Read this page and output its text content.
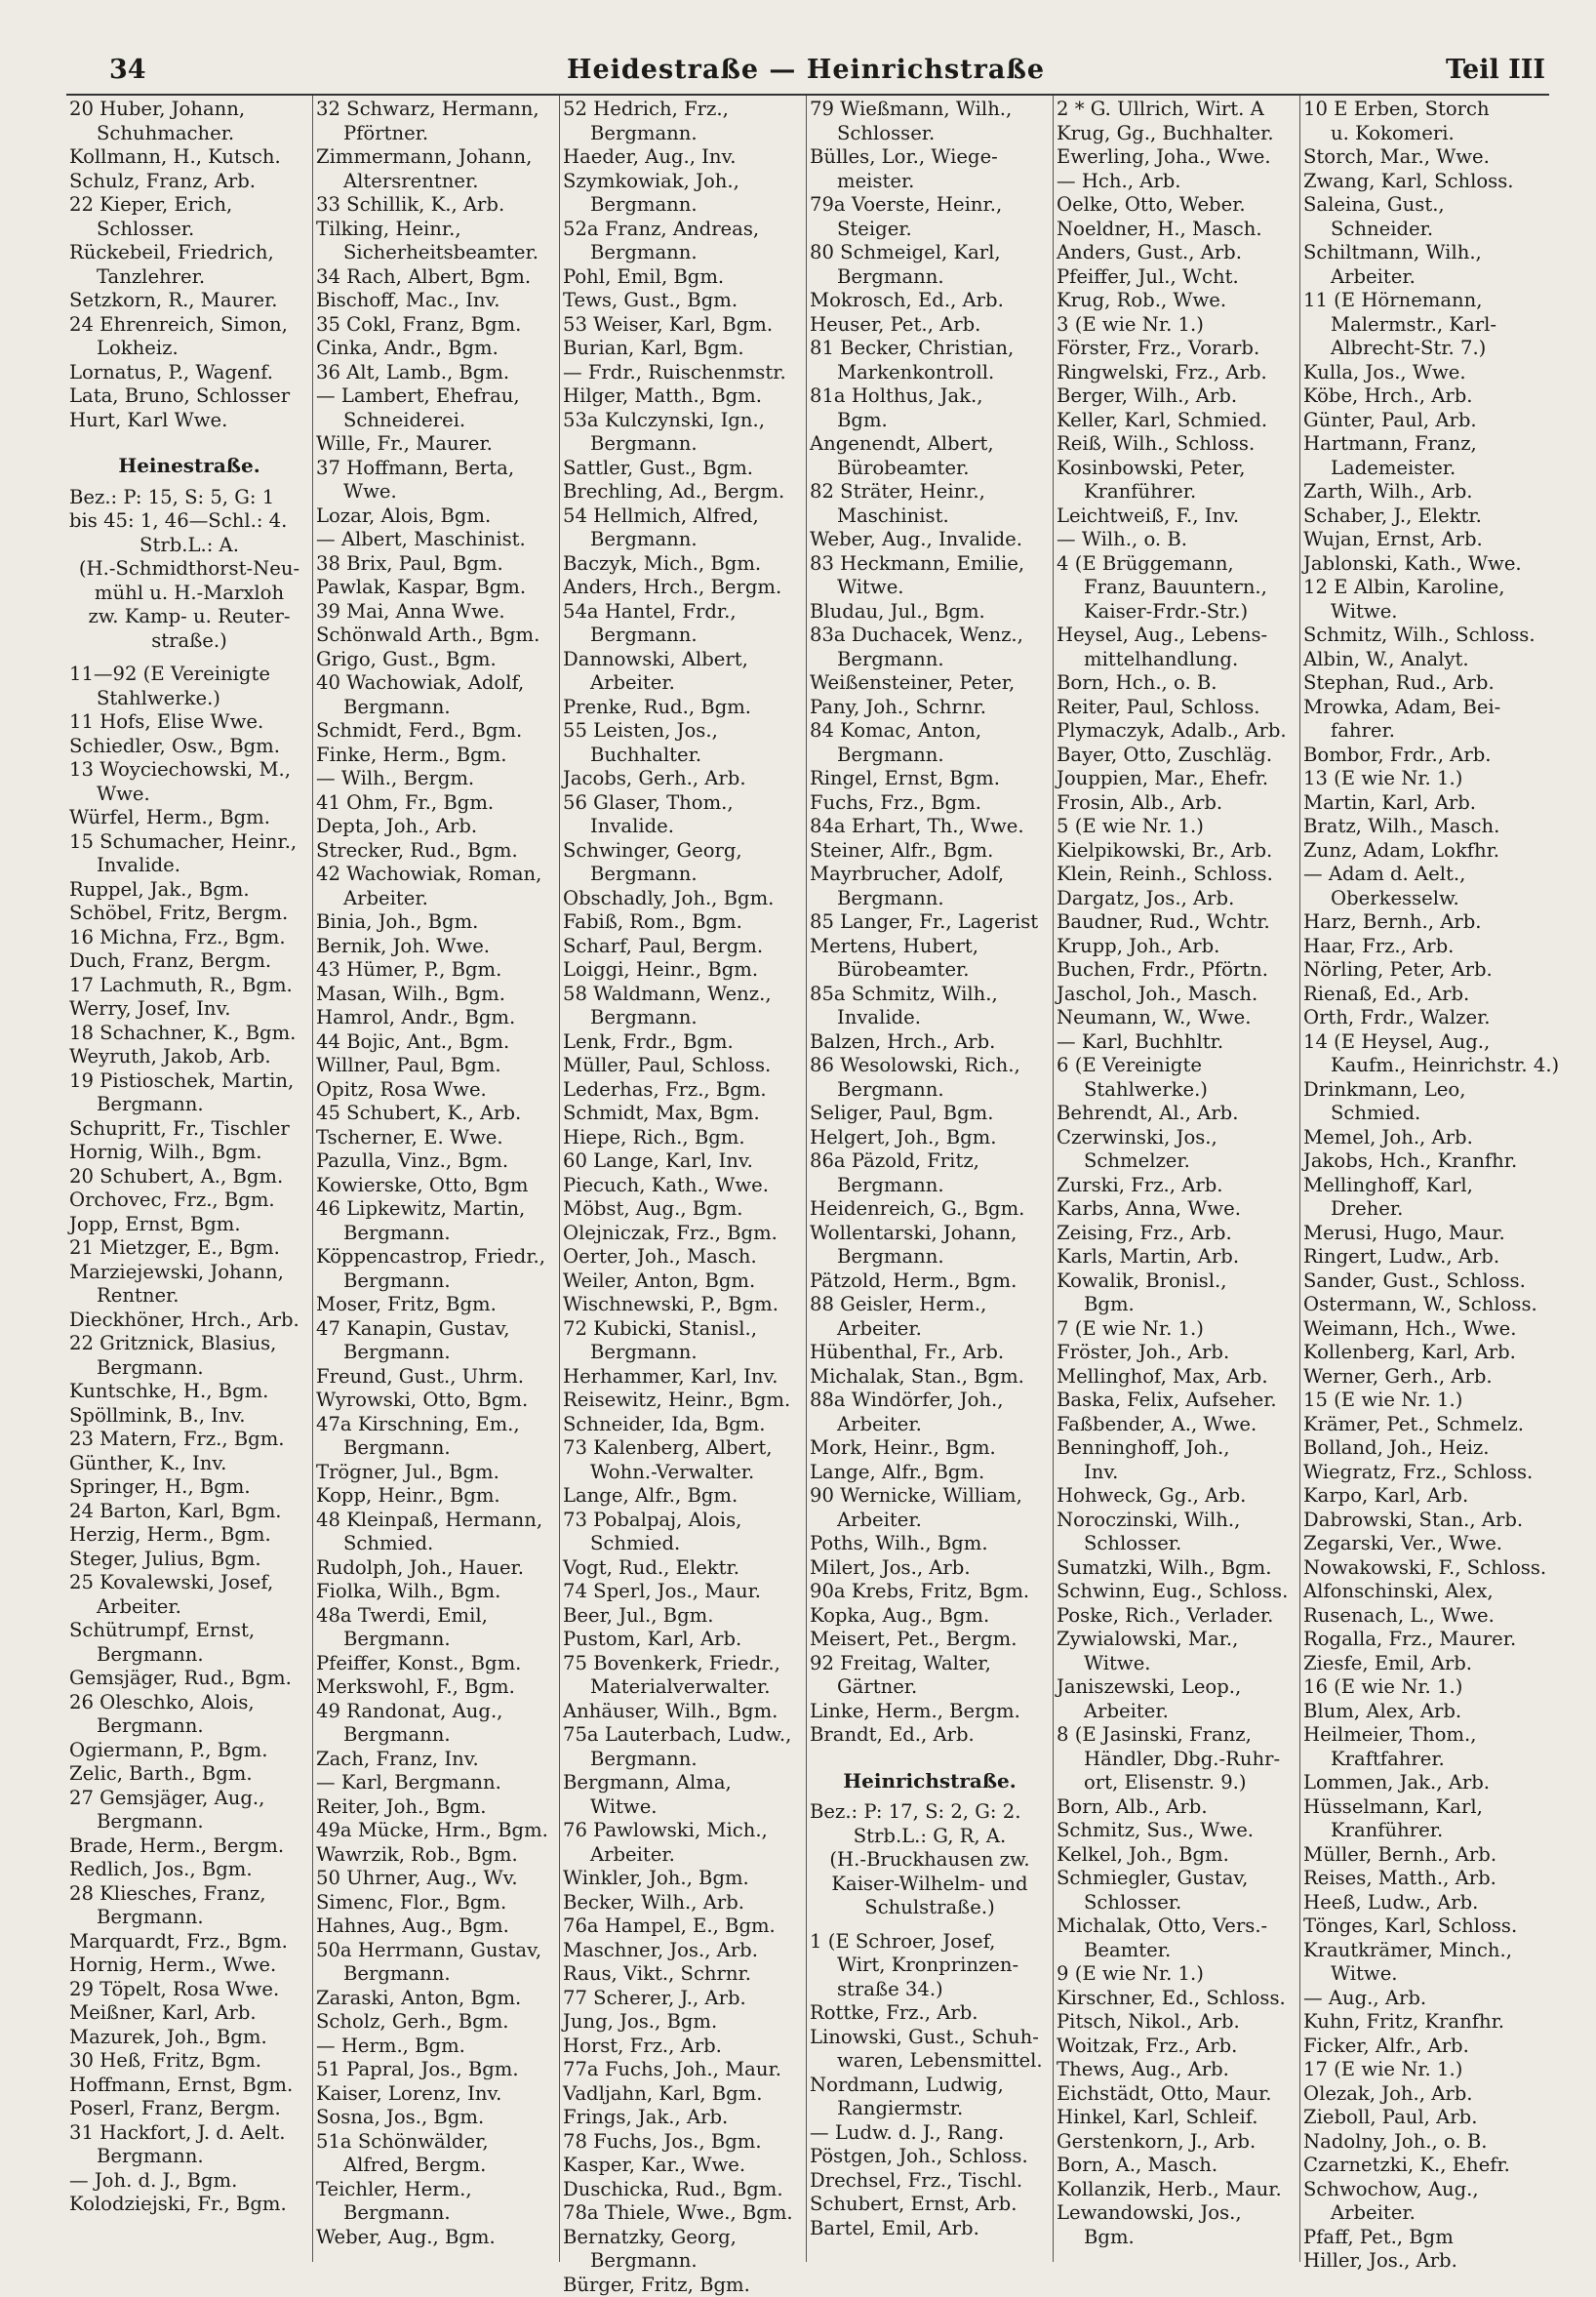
34	Heidestraße — Heinrichstraße	Teil III
20 Huber, Johann,
Schuhmacher.
Kollmann, H., Kutsch.
Schulz, Franz, Arb.
22 Kieper, Erich,
Schlosser.
Rückebeil, Friedrich,
Tanzlehrer.
Setzkorn, R., Maurer.
24 Ehrenreich, Simon,
Lokheiz.
Lornatus, P., Wagenf.
Lata, Bruno, Schlosser
Hurt, Karl Wwe.
Heinestraße.
Bez.: P: 15, S: 5, G: 1
bis 45: 1, 46—Schl.: 4.
Strb.L.: A.
(H.-Schmidthorst-Neu-
mühl u. H.-Marxloh
zw. Kamp- u. Reuter-
straße.)
11—92 (E Vereinigte
Stahlwerke.)
11 Hofs, Elise Wwe.
Schiedler, Osw., Bgm.
13 Woyciechowski, M.,
Wwe.
Würfel, Herm., Bgm.
15 Schumacher, Heinr.,
Invalide.
Ruppel, Jak., Bgm.
Schöbel, Fritz, Bergm.
16 Michna, Frz., Bgm.
Duch, Franz, Bergm.
17 Lachmuth, R., Bgm.
Werry, Josef, Inv.
18 Schachner, K., Bgm.
Weyruth, Jakob, Arb.
19 Pistioschek, Martin,
Bergmann.
Schupritt, Fr., Tischler
Hornig, Wilh., Bgm.
20 Schubert, A., Bgm.
Orchovec, Frz., Bgm.
Jopp, Ernst, Bgm.
21 Mietzger, E., Bgm.
Marziejewski, Johann,
Rentner.
Dieckhöner, Hrch., Arb.
22 Gritznick, Blasius,
Bergmann.
Kuntschke, H., Bgm.
Spöllmink, B., Inv.
23 Matern, Frz., Bgm.
Günther, K., Inv.
Springer, H., Bgm.
24 Barton, Karl, Bgm.
Herzig, Herm., Bgm.
Steger, Julius, Bgm.
25 Kovalewski, Josef,
Arbeiter.
Schütrumpf, Ernst,
Bergmann.
Gemsjäger, Rud., Bgm.
26 Oleschko, Alois,
Bergmann.
Ogiermann, P., Bgm.
Zelic, Barth., Bgm.
27 Gemsjäger, Aug.,
Bergmann.
Brade, Herm., Bergm.
Redlich, Jos., Bgm.
28 Kliesches, Franz,
Bergmann.
Marquardt, Frz., Bgm.
Hornig, Herm., Wwe.
29 Töpelt, Rosa Wwe.
Meißner, Karl, Arb.
Mazurek, Joh., Bgm.
30 Heß, Fritz, Bgm.
Hoffmann, Ernst, Bgm.
Poserl, Franz, Bergm.
31 Hackfort, J. d. Aelt.
Bergmann.
— Joh. d. J., Bgm.
Kolodziejski, Fr., Bgm.
32 Schwarz, Hermann,
Pförtner.
Zimmermann, Johann,
Altersrentner.
33 Schillik, K., Arb.
Tilking, Heinr.,
Sicherheitsbeamter.
34 Rach, Albert, Bgm.
Bischoff, Mac., Inv.
35 Cokl, Franz, Bgm.
Cinka, Andr., Bgm.
36 Alt, Lamb., Bgm.
— Lambert, Ehefrau,
Schneiderei.
Wille, Fr., Maurer.
37 Hoffmann, Berta,
Wwe.
Lozar, Alois, Bgm.
— Albert, Maschinist.
38 Brix, Paul, Bgm.
Pawlak, Kaspar, Bgm.
39 Mai, Anna Wwe.
Schönwald Arth., Bgm.
Grigo, Gust., Bgm.
40 Wachowiak, Adolf,
Bergmann.
Schmidt, Ferd., Bgm.
Finke, Herm., Bgm.
— Wilh., Bergm.
41 Ohm, Fr., Bgm.
Depta, Joh., Arb.
Strecker, Rud., Bgm.
42 Wachowiak, Roman,
Arbeiter.
Binia, Joh., Bgm.
Bernik, Joh. Wwe.
43 Hümer, P., Bgm.
Masan, Wilh., Bgm.
Hamrol, Andr., Bgm.
44 Bojic, Ant., Bgm.
Willner, Paul, Bgm.
Opitz, Rosa Wwe.
45 Schubert, K., Arb.
Tscherner, E. Wwe.
Pazulla, Vinz., Bgm.
Kowierske, Otto, Bgm
46 Lipkewitz, Martin,
Bergmann.
Köppencastrop, Friedr.,
Bergmann.
Moser, Fritz, Bgm.
47 Kanapin, Gustav,
Bergmann.
Freund, Gust., Uhrm.
Wyrowski, Otto, Bgm.
47a Kirschning, Em.,
Bergmann.
Trögner, Jul., Bgm.
Kopp, Heinr., Bgm.
48 Kleinpaß, Hermann,
Schmied.
Rudolph, Joh., Hauer.
Fiolka, Wilh., Bgm.
48a Twerdi, Emil,
Bergmann.
Pfeiffer, Konst., Bgm.
Merkswohl, F., Bgm.
49 Randonat, Aug.,
Bergmann.
Zach, Franz, Inv.
— Karl, Bergmann.
Reiter, Joh., Bgm.
49a Mücke, Hrm., Bgm.
Wawrzik, Rob., Bgm.
50 Uhrner, Aug., Wv.
Simenc, Flor., Bgm.
Hahnes, Aug., Bgm.
50a Herrmann, Gustav,
Bergmann.
Zaraski, Anton, Bgm.
Scholz, Gerh., Bgm.
— Herm., Bgm.
51 Papral, Jos., Bgm.
Kaiser, Lorenz, Inv.
Sosna, Jos., Bgm.
51a Schönwälder,
Alfred, Bergm.
Teichler, Herm.,
Bergmann.
Weber, Aug., Bgm.
52 Hedrich, Frz.,
Bergmann.
Haeder, Aug., Inv.
Szymkowiak, Joh.,
Bergmann.
52a Franz, Andreas,
Bergmann.
Pohl, Emil, Bgm.
Tews, Gust., Bgm.
53 Weiser, Karl, Bgm.
Burian, Karl, Bgm.
— Frdr., Ruischenmstr.
Hilger, Matth., Bgm.
53a Kulczynski, Ign.,
Bergmann.
Sattler, Gust., Bgm.
Brechling, Ad., Bergm.
54 Hellmich, Alfred,
Bergmann.
Baczyk, Mich., Bgm.
Anders, Hrch., Bergm.
54a Hantel, Frdr.,
Bergmann.
Dannowski, Albert,
Arbeiter.
Prenke, Rud., Bgm.
55 Leisten, Jos.,
Buchhalter.
Jacobs, Gerh., Arb.
56 Glaser, Thom.,
Invalide.
Schwinger, Georg,
Bergmann.
Obschadly, Joh., Bgm.
Fabiß, Rom., Bgm.
Scharf, Paul, Bergm.
Loiggi, Heinr., Bgm.
58 Waldmann, Wenz.,
Bergmann.
Lenk, Frdr., Bgm.
Müller, Paul, Schloss.
Lederhas, Frz., Bgm.
Schmidt, Max, Bgm.
Hiepe, Rich., Bgm.
60 Lange, Karl, Inv.
Piecuch, Kath., Wwe.
Möbst, Aug., Bgm.
Olejniczak, Frz., Bgm.
Oerter, Joh., Masch.
Weiler, Anton, Bgm.
Wischnewski, P., Bgm.
72 Kubicki, Stanisl.,
Bergmann.
Herhammer, Karl, Inv.
Reisewitz, Heinr., Bgm.
Schneider, Ida, Bgm.
73 Kalenberg, Albert,
Wohn.-Verwalter.
Lange, Alfr., Bgm.
73 Pobalpaj, Alois,
Schmied.
Vogt, Rud., Elektr.
74 Sperl, Jos., Maur.
Beer, Jul., Bgm.
Pustom, Karl, Arb.
75 Bovenkerk, Friedr.,
Materialverwalter.
Anhäuser, Wilh., Bgm.
75a Lauterbach, Ludw.,
Bergmann.
Bergmann, Alma,
Witwe.
76 Pawlowski, Mich.,
Arbeiter.
Winkler, Joh., Bgm.
Becker, Wilh., Arb.
76a Hampel, E., Bgm.
Maschner, Jos., Arb.
Raus, Vikt., Schrnr.
77 Scherer, J., Arb.
Jung, Jos., Bgm.
Horst, Frz., Arb.
77a Fuchs, Joh., Maur.
Vadljahn, Karl, Bgm.
Frings, Jak., Arb.
78 Fuchs, Jos., Bgm.
Kasper, Kar., Wwe.
Duschicka, Rud., Bgm.
78a Thiele, Wwe., Bgm.
Bernatzky, Georg,
Bergmann.
Bürger, Fritz, Bgm.
79 Wießmann, Wilh.,
Schlosser.
Bülles, Lor., Wiege-
meister.
79a Voerste, Heinr.,
Steiger.
80 Schmeigel, Karl,
Bergmann.
Mokrosch, Ed., Arb.
Heuser, Pet., Arb.
81 Becker, Christian,
Markenkontroll.
81a Holthus, Jak.,
Bgm.
Angenendt, Albert,
Bürobeamter.
82 Sträter, Heinr.,
Maschinist.
Weber, Aug., Invalide.
83 Heckmann, Emilie,
Witwe.
Bludau, Jul., Bgm.
83a Duchacek, Wenz.,
Bergmann.
Weißensteiner, Peter,
Pany, Joh., Schrnr.
84 Komac, Anton,
Bergmann.
Ringel, Ernst, Bgm.
Fuchs, Frz., Bgm.
84a Erhart, Th., Wwe.
Steiner, Alfr., Bgm.
Mayrbrucher, Adolf,
Bergmann.
85 Langer, Fr., Lagerist
Mertens, Hubert,
Bürobeamter.
85a Schmitz, Wilh.,
Invalide.
Balzen, Hrch., Arb.
86 Wesolowski, Rich.,
Bergmann.
Seliger, Paul, Bgm.
Helgert, Joh., Bgm.
86a Päzold, Fritz,
Bergmann.
Heidenreich, G., Bgm.
Wollentarski, Johann,
Bergmann.
Pätzold, Herm., Bgm.
88 Geisler, Herm.,
Arbeiter.
Hübenthal, Fr., Arb.
Michalak, Stan., Bgm.
88a Windörfer, Joh.,
Arbeiter.
Mork, Heinr., Bgm.
Lange, Alfr., Bgm.
90 Wernicke, William,
Arbeiter.
Poths, Wilh., Bgm.
Milert, Jos., Arb.
90a Krebs, Fritz, Bgm.
Kopka, Aug., Bgm.
Meisert, Pet., Bergm.
92 Freitag, Walter,
Gärtner.
Linke, Herm., Bergm.
Brandt, Ed., Arb.
Heinrichstraße.
Bez.: P: 17, S: 2, G: 2.
Strb.L.: G, R, A.
(H.-Bruckhausen zw.
Kaiser-Wilhelm- und
Schulstraße.)
1 (E Schroer, Josef,
Wirt, Kronprinzen-
straße 34.)
Rottke, Frz., Arb.
Linowski, Gust., Schuh-
waren, Lebensmittel.
Nordmann, Ludwig,
Rangiermstr.
— Ludw. d. J., Rang.
Pöstgen, Joh., Schloss.
Drechsel, Frz., Tischl.
Schubert, Ernst, Arb.
Bartel, Emil, Arb.
2 * G. Ullrich, Wirt. A
Krug, Gg., Buchhalter.
Ewerling, Joha., Wwe.
— Hch., Arb.
Oelke, Otto, Weber.
Noeldner, H., Masch.
Anders, Gust., Arb.
Pfeiffer, Jul., Wcht.
Krug, Rob., Wwe.
3 (E wie Nr. 1.)
Förster, Frz., Vorarb.
Ringwelski, Frz., Arb.
Berger, Wilh., Arb.
Keller, Karl, Schmied.
Reiß, Wilh., Schloss.
Kosinbowski, Peter,
Kranführer.
Leichtweiß, F., Inv.
— Wilh., o. B.
4 (E Brüggemann,
Franz, Bauuntern.,
Kaiser-Frdr.-Str.)
Heysel, Aug., Lebens-
mittelhandlung.
Born, Hch., o. B.
Reiter, Paul, Schloss.
Plymaczyk, Adalb., Arb.
Bayer, Otto, Zuschläg.
Jouppien, Mar., Ehefr.
Frosin, Alb., Arb.
5 (E wie Nr. 1.)
Kielpikowski, Br., Arb.
Klein, Reinh., Schloss.
Dargatz, Jos., Arb.
Baudner, Rud., Wchtr.
Krupp, Joh., Arb.
Buchen, Frdr., Pförtn.
Jaschol, Joh., Masch.
Neumann, W., Wwe.
— Karl, Buchhltr.
6 (E Vereinigte
Stahlwerke.)
Behrendt, Al., Arb.
Czerwinski, Jos.,
Schmelzer.
Zurski, Frz., Arb.
Karbs, Anna, Wwe.
Zeising, Frz., Arb.
Karls, Martin, Arb.
Kowalik, Bronisl.,
Bgm.
7 (E wie Nr. 1.)
Fröster, Joh., Arb.
Mellinghof, Max, Arb.
Baska, Felix, Aufseher.
Faßbender, A., Wwe.
Benninghoff, Joh.,
Inv.
Hohweck, Gg., Arb.
Noroczinski, Wilh.,
Schlosser.
Sumatzki, Wilh., Bgm.
Schwinn, Eug., Schloss.
Poske, Rich., Verlader.
Zywialowski, Mar.,
Witwe.
Janiszewski, Leop.,
Arbeiter.
8 (E Jasinski, Franz,
Händler, Dbg.-Ruhr-
ort, Elisenstr. 9.)
Born, Alb., Arb.
Schmitz, Sus., Wwe.
Kelkel, Joh., Bgm.
Schmiegler, Gustav,
Schlosser.
Michalak, Otto, Vers.-
Beamter.
9 (E wie Nr. 1.)
Kirschner, Ed., Schloss.
Pitsch, Nikol., Arb.
Woitzak, Frz., Arb.
Thews, Aug., Arb.
Eichstädt, Otto, Maur.
Hinkel, Karl, Schleif.
Gerstenkorn, J., Arb.
Born, A., Masch.
Kollanzik, Herb., Maur.
Lewandowski, Jos.,
Bgm.
10 E Erben, Storch
u. Kokomeri.
Storch, Mar., Wwe.
Zwang, Karl, Schloss.
Saleina, Gust.,
Schneider.
Schiltmann, Wilh.,
Arbeiter.
11 (E Hörnemann,
Malermstr., Karl-
Albrecht-Str. 7.)
Kulla, Jos., Wwe.
Köbe, Hrch., Arb.
Günter, Paul, Arb.
Hartmann, Franz,
Lademeister.
Zarth, Wilh., Arb.
Schaber, J., Elektr.
Wujan, Ernst, Arb.
Jablonski, Kath., Wwe.
12 E Albin, Karoline,
Witwe.
Schmitz, Wilh., Schloss.
Albin, W., Analyt.
Stephan, Rud., Arb.
Mrowka, Adam, Bei-
fahrer.
Bombor, Frdr., Arb.
13 (E wie Nr. 1.)
Martin, Karl, Arb.
Bratz, Wilh., Masch.
Zunz, Adam, Lokfhr.
— Adam d. Aelt.,
Oberkesselw.
Harz, Bernh., Arb.
Haar, Frz., Arb.
Nörling, Peter, Arb.
Rienaß, Ed., Arb.
Orth, Frdr., Walzer.
14 (E Heysel, Aug.,
Kaufm., Heinrichstr. 4.)
Drinkmann, Leo,
Schmied.
Memel, Joh., Arb.
Jakobs, Hch., Kranfhr.
Mellinghoff, Karl,
Dreher.
Merusi, Hugo, Maur.
Ringert, Ludw., Arb.
Sander, Gust., Schloss.
Ostermann, W., Schloss.
Weimann, Hch., Wwe.
Kollenberg, Karl, Arb.
Werner, Gerh., Arb.
15 (E wie Nr. 1.)
Krämer, Pet., Schmelz.
Bolland, Joh., Heiz.
Wiegratz, Frz., Schloss.
Karpo, Karl, Arb.
Dabrowski, Stan., Arb.
Zegarski, Ver., Wwe.
Nowakowski, F., Schloss.
Alfonschinski, Alex,
Rusenach, L., Wwe.
Rogalla, Frz., Maurer.
Ziesfe, Emil, Arb.
16 (E wie Nr. 1.)
Blum, Alex, Arb.
Heilmeier, Thom.,
Kraftfahrer.
Lommen, Jak., Arb.
Hüsselmann, Karl,
Kranführer.
Müller, Bernh., Arb.
Reises, Matth., Arb.
Heeß, Ludw., Arb.
Tönges, Karl, Schloss.
Krautkrämer, Minch.,
Witwe.
— Aug., Arb.
Kuhn, Fritz, Kranfhr.
Ficker, Alfr., Arb.
17 (E wie Nr. 1.)
Olezak, Joh., Arb.
Zieboll, Paul, Arb.
Nadolny, Joh., o. B.
Czarnetzki, K., Ehefr.
Schwochow, Aug.,
Arbeiter.
Pfaff, Pet., Bgm
Hiller, Jos., Arb.
